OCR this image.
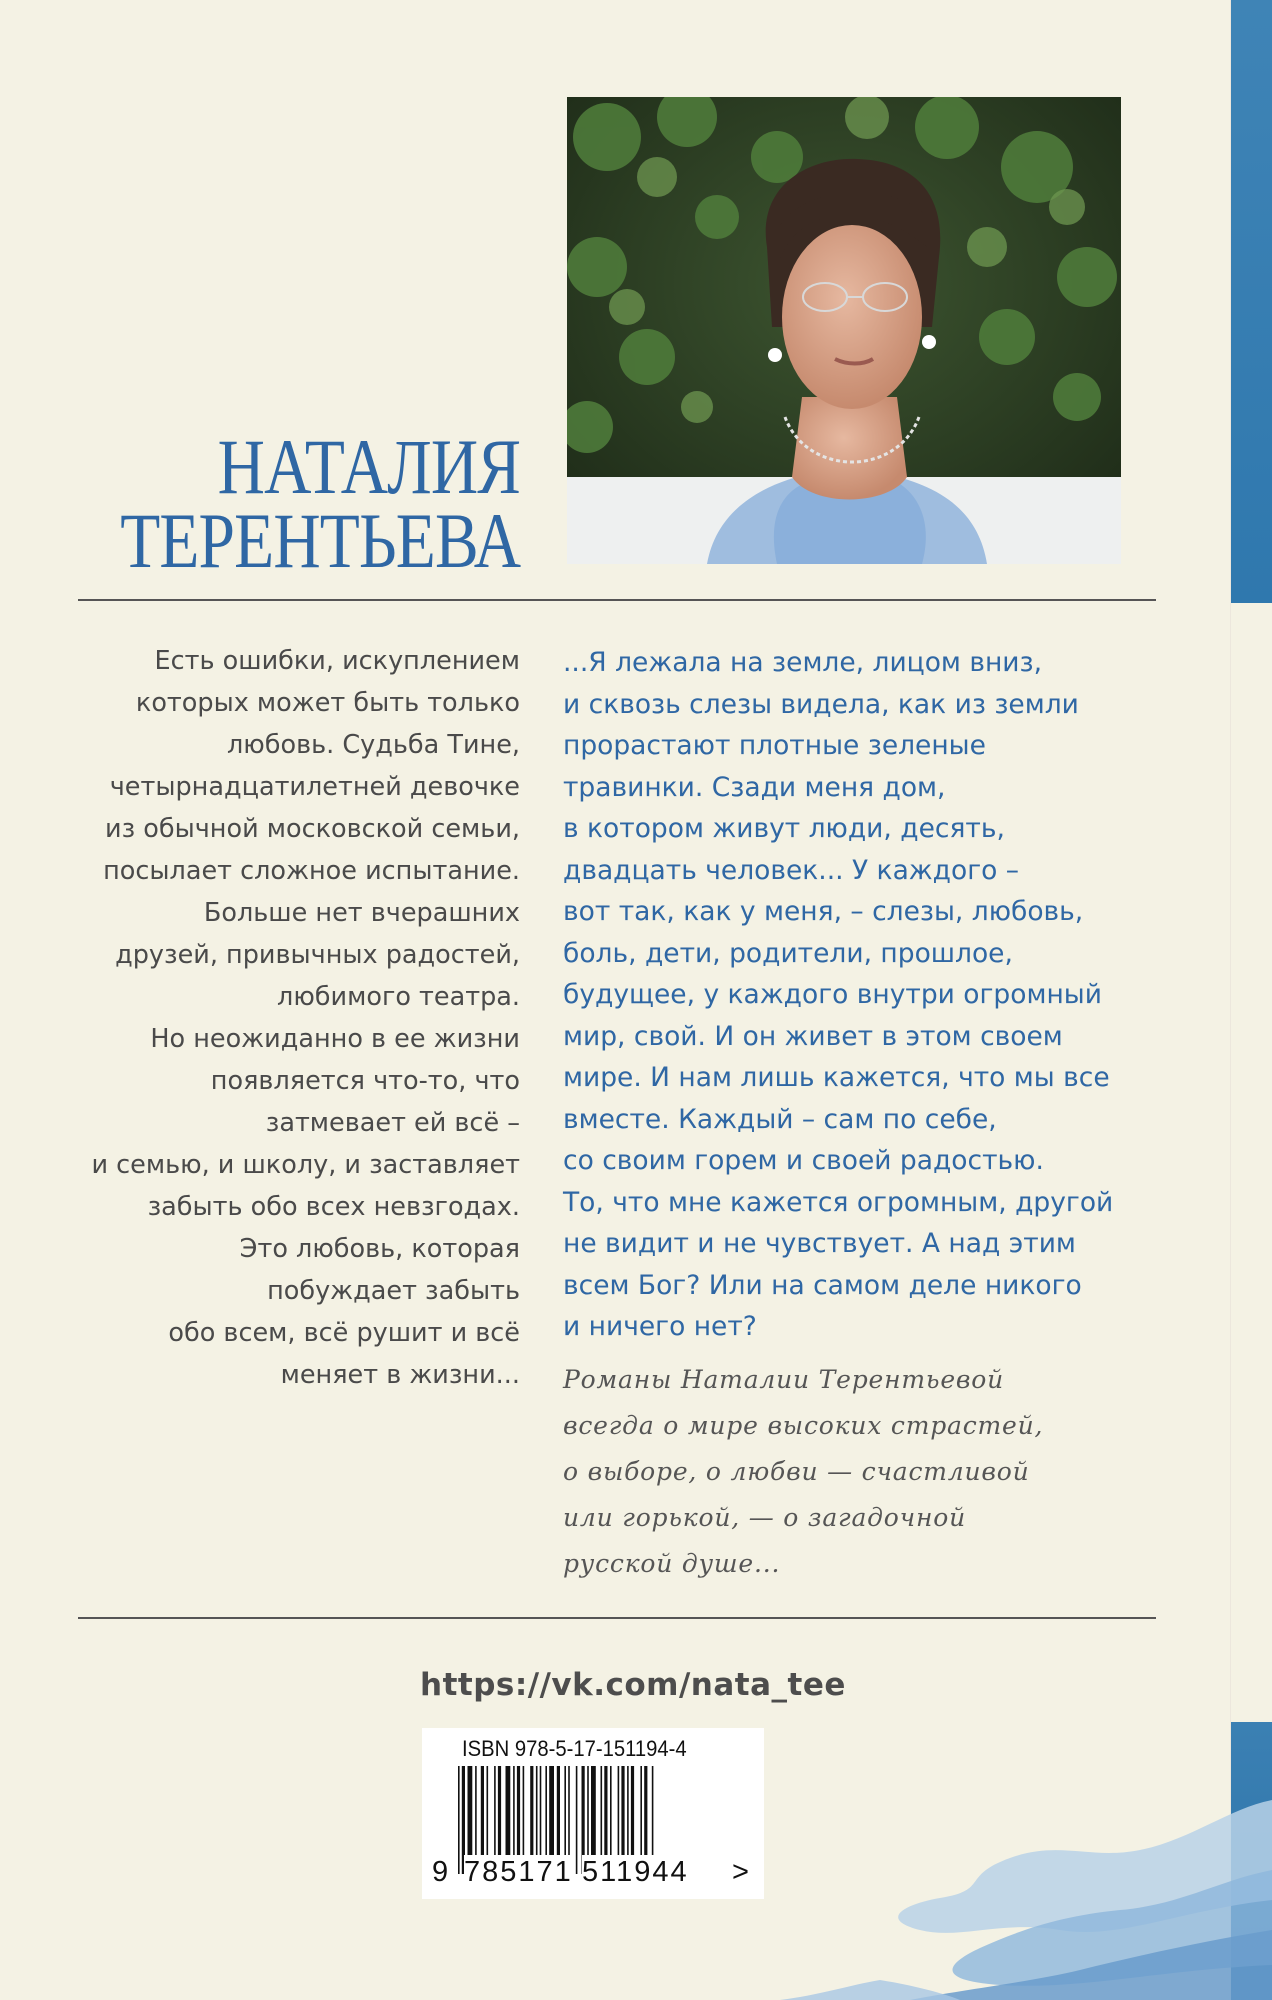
НАТАЛИЯ
ТЕРЕНТЬЕВА

Есть ошибки, искуплением

которых может быть только

любовь. Судьба Тине,

четырнадцатилетней девочке

из обычной московской семьи,

посылает сложное испытание.

Больше нет вчерашних

друзей, привычных радостей,

любимого театра.

Но неожиданно в ее жизни

появляется что-то, что

затмевает ей всё –

и семью, и школу, и заставляет

забыть обо всех невзгодах.

Это любовь, которая

побуждает забыть

обо всем, всё рушит и всё

меняет в жизни...

...Я лежала на земле, лицом вниз,

и сквозь слезы видела, как из земли

прорастают плотные зеленые

травинки. Сзади меня дом,

в котором живут люди, десять,

двадцать человек... У каждого –

вот так, как у меня, – слезы, любовь,

боль, дети, родители, прошлое,

будущее, у каждого внутри огромный

мир, свой. И он живет в этом своем

мире. И нам лишь кажется, что мы все

вместе. Каждый – сам по себе,

со своим горем и своей радостью.

То, что мне кажется огромным, другой

не видит и не чувствует. А над этим

всем Бог? Или на самом деле никого

и ничего нет?

Романы Наталии Терентьевой

всегда о мире высоких страстей,

о выборе, о любви — счастливой

или горькой, — о загадочной

русской душе...

https://vk.com/nata_tee
ISBN 978-5-17-151194-4
9 785171 511944 >
